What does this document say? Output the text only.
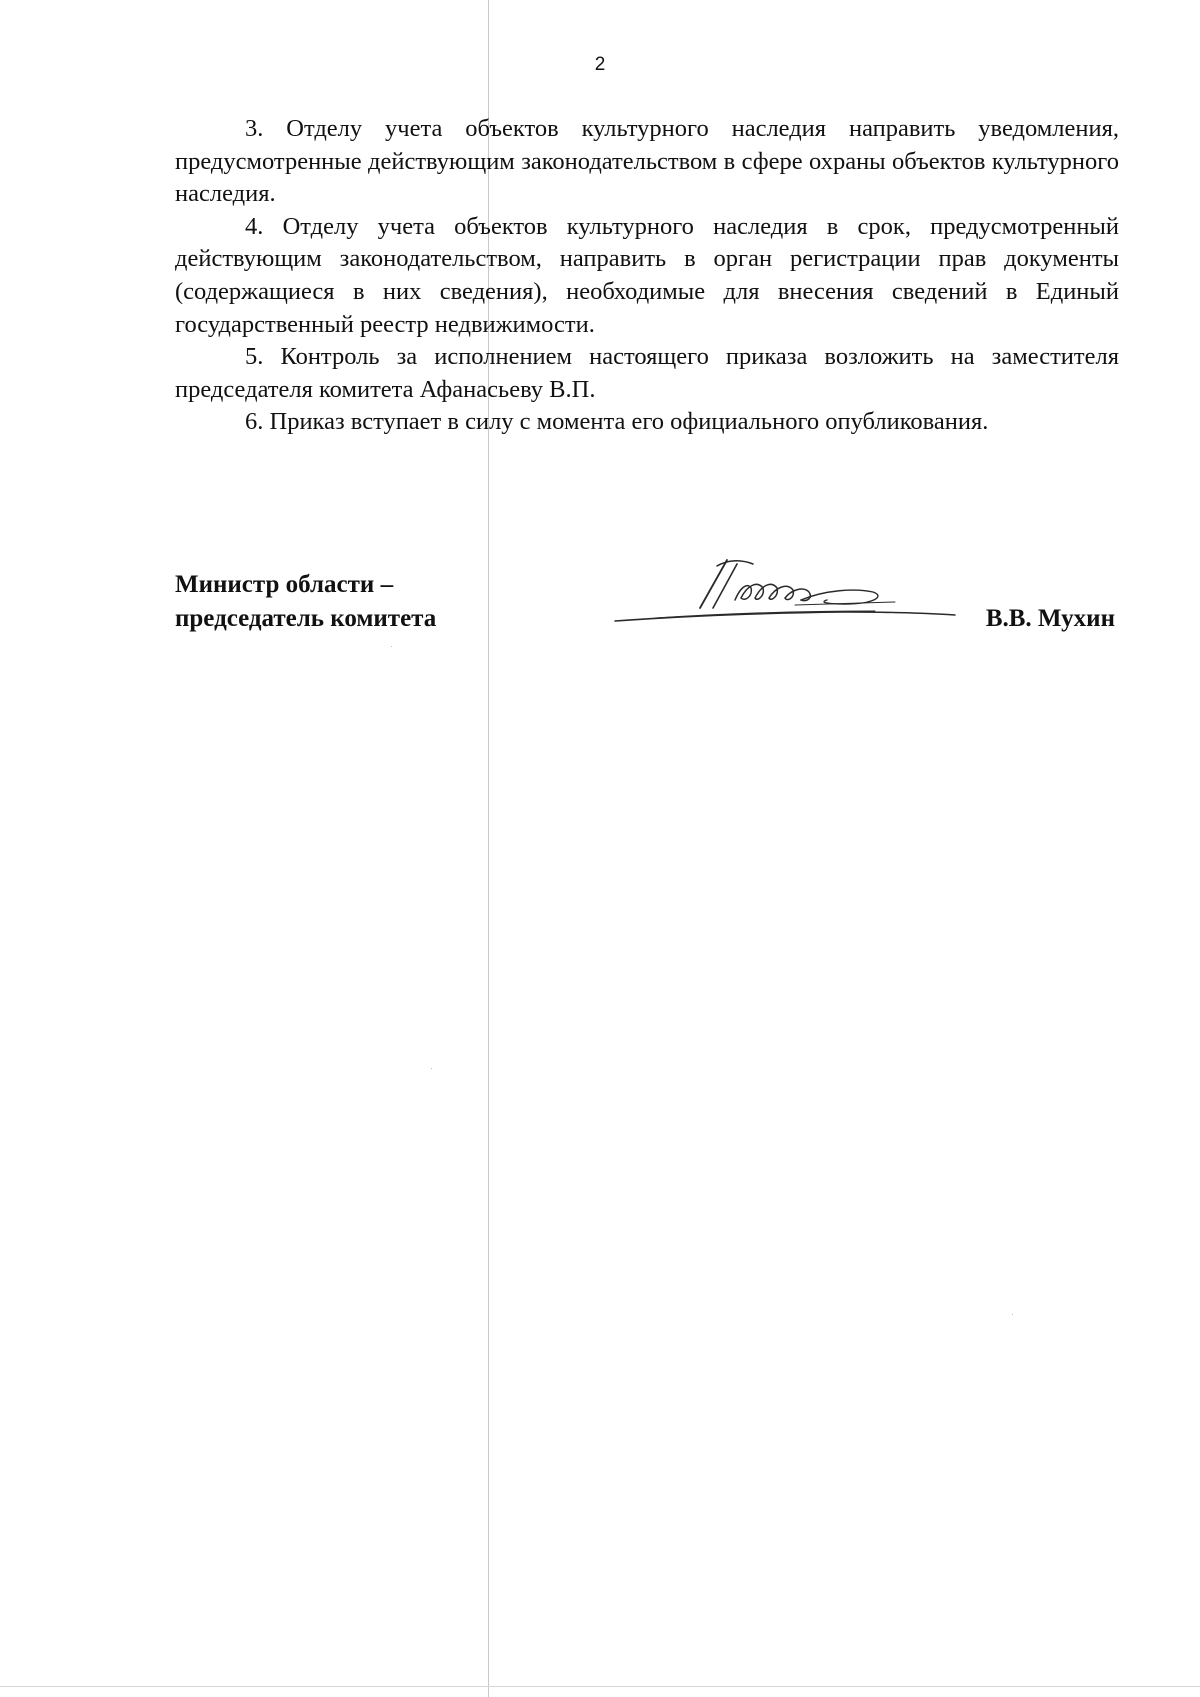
2

3. Отделу учета объектов культурного наследия направить уведомления, предусмотренные действующим законодательством в сфере охраны объектов культурного наследия.

4. Отделу учета объектов культурного наследия в срок, предусмотренный действующим законодательством, направить в орган регистрации прав документы (содержащиеся в них сведения), необходимые для внесения сведений в Единый государственный реестр недвижимости.

5. Контроль за исполнением настоящего приказа возложить на заместителя председателя комитета Афанасьеву В.П.

6. Приказ вступает в силу с момента его официального опубликования.

Министр области –
председатель комитета	В.В. Мухин
